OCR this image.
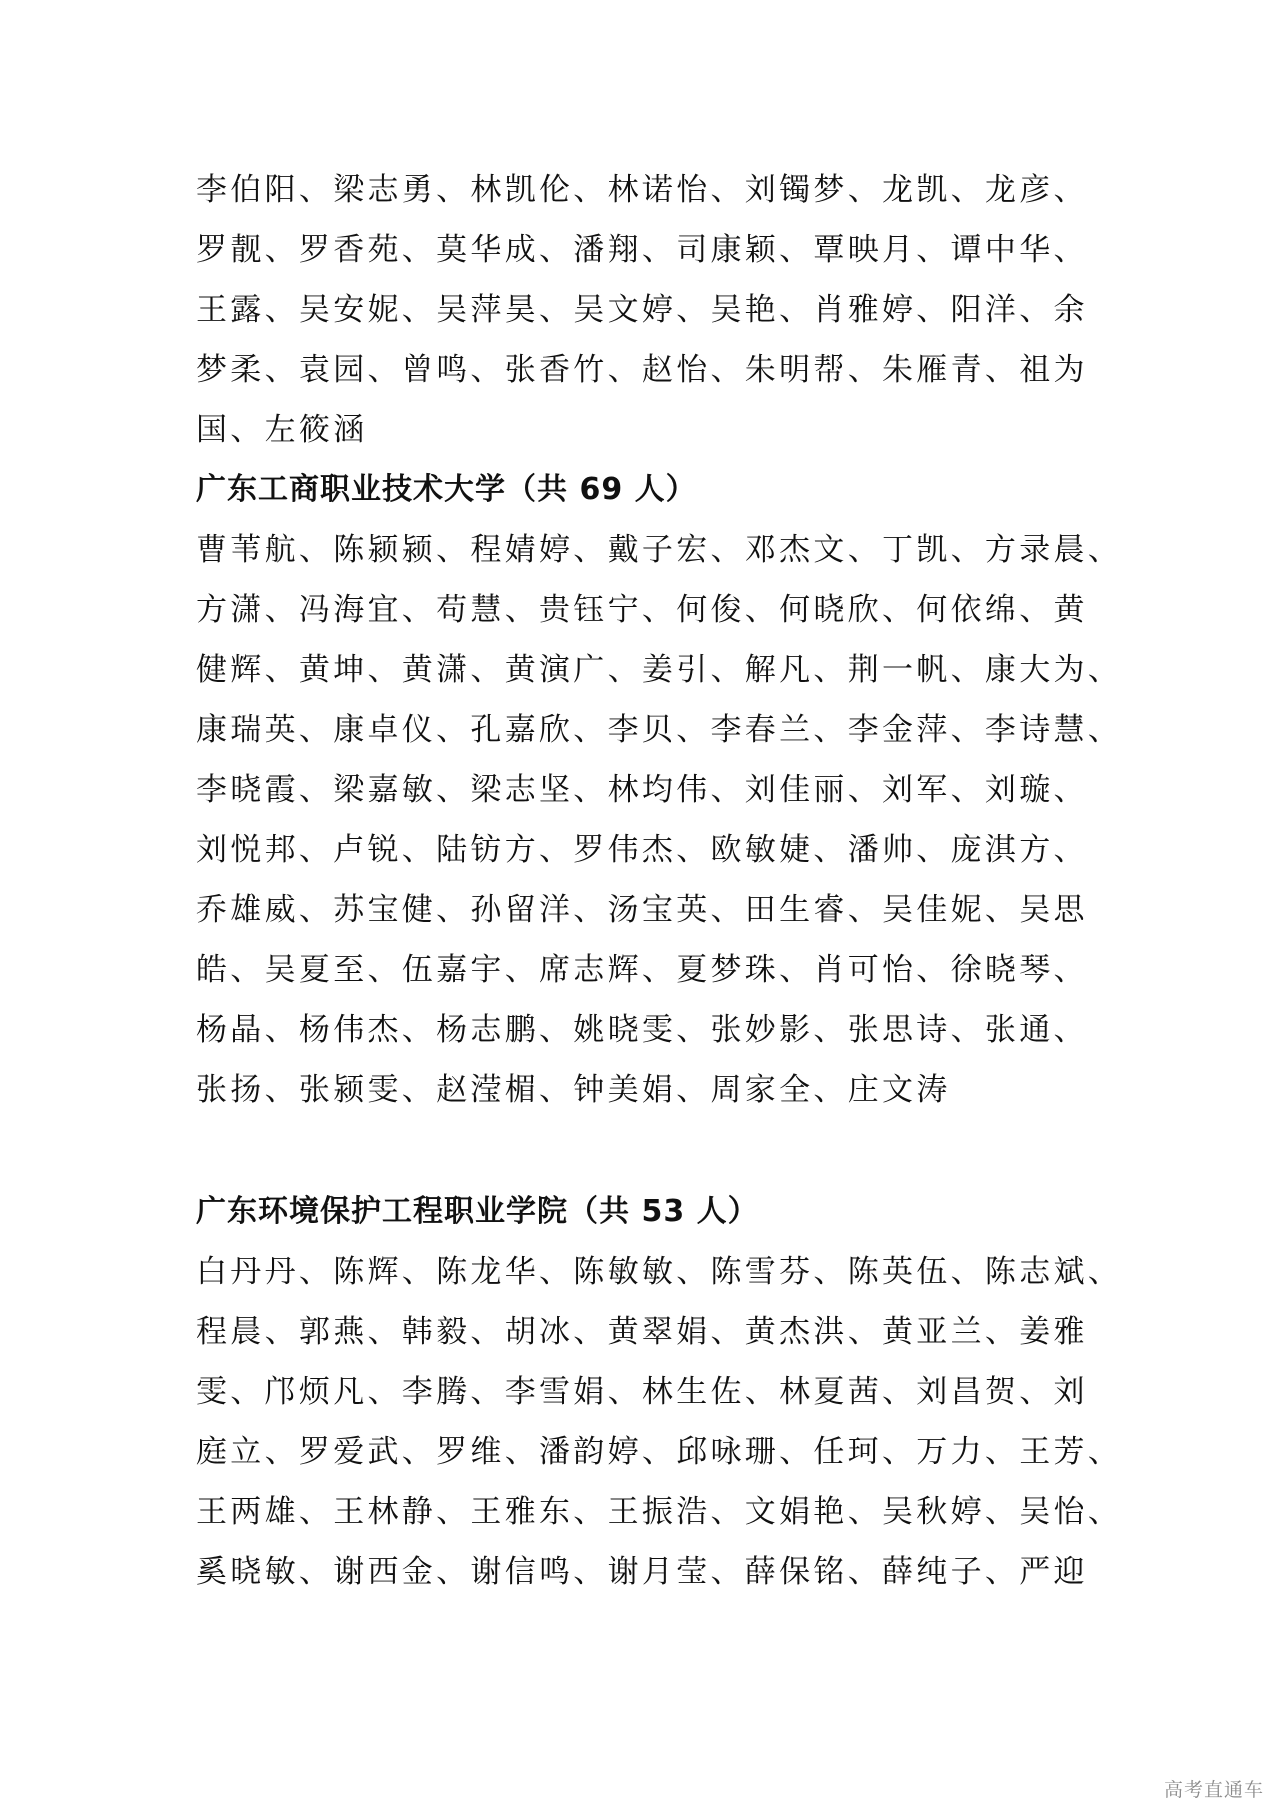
李伯阳、梁志勇、林凯伦、林诺怡、刘镯梦、龙凯、龙彦、
罗靓、罗香苑、莫华成、潘翔、司康颖、覃映月、谭中华、
王露、吴安妮、吴萍昊、吴文婷、吴艳、肖雅婷、阳洋、余
梦柔、袁园、曾鸣、张香竹、赵怡、朱明帮、朱雁青、祖为
国、左筱涵
广东工商职业技术大学（共 69 人）
曹苇航、陈颍颍、程婧婷、戴子宏、邓杰文、丁凯、方录晨、
方潇、冯海宜、苟慧、贵钰宁、何俊、何晓欣、何依绵、黄
健辉、黄坤、黄潇、黄演广、姜引、解凡、荆一帆、康大为、
康瑞英、康卓仪、孔嘉欣、李贝、李春兰、李金萍、李诗慧、
李晓霞、梁嘉敏、梁志坚、林均伟、刘佳丽、刘军、刘璇、
刘悦邦、卢锐、陆钫方、罗伟杰、欧敏婕、潘帅、庞淇方、
乔雄威、苏宝健、孙留洋、汤宝英、田生睿、吴佳妮、吴思
皓、吴夏至、伍嘉宇、席志辉、夏梦珠、肖可怡、徐晓琴、
杨晶、杨伟杰、杨志鹏、姚晓雯、张妙影、张思诗、张通、
张扬、张颍雯、赵滢楣、钟美娟、周家全、庄文涛
广东环境保护工程职业学院（共 53 人）
白丹丹、陈辉、陈龙华、陈敏敏、陈雪芬、陈英伍、陈志斌、
程晨、郭燕、韩毅、胡冰、黄翠娟、黄杰洪、黄亚兰、姜雅
雯、邝烦凡、李腾、李雪娟、林生佐、林夏茜、刘昌贺、刘
庭立、罗爱武、罗维、潘韵婷、邱咏珊、任珂、万力、王芳、
王两雄、王林静、王雅东、王振浩、文娟艳、吴秋婷、吴怡、
奚晓敏、谢西金、谢信鸣、谢月莹、薛保铭、薛纯子、严迎
高考直通车
